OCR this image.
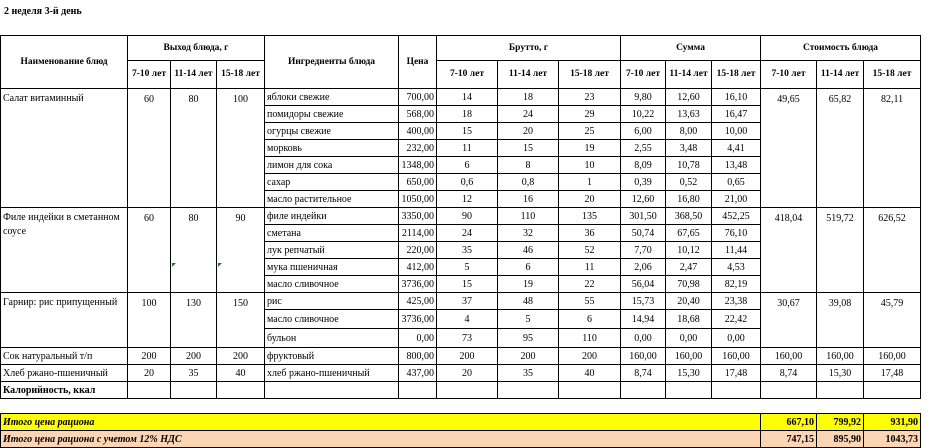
2 неделя 3-й день
Наименование блюд	Выход блюда, г			Ингредиенты блюда	Цена	Брутто, г			Сумма			Стоимость блюда		
	7-10 лет	11-14 лет	15-18 лет			7-10 лет	11-14 лет	15-18 лет	7-10 лет	11-14 лет	15-18 лет	7-10 лет	11-14 лет	15-18 лет
Салат витаминный	60	80	100	яблоки свежие	700,00	14	18	23	9,80	12,60	16,10	49,65	65,82	82,11
				помидоры свежие	568,00	18	24	29	10,22	13,63	16,47			
				огурцы свежие	400,00	15	20	25	6,00	8,00	10,00			
				морковь	232,00	11	15	19	2,55	3,48	4,41			
				лимон для сока	1348,00	6	8	10	8,09	10,78	13,48			
				сахар	650,00	0,6	0,8	1	0,39	0,52	0,65			
				масло растительное	1050,00	12	16	20	12,60	16,80	21,00			
Филе индейки в сметанном соусе	60	80	90	филе индейки	3350,00	90	110	135	301,50	368,50	452,25	418,04	519,72	626,52
				сметана	2114,00	24	32	36	50,74	67,65	76,10			
				лук репчатый	220,00	35	46	52	7,70	10,12	11,44			
				мука пшеничная	412,00	5	6	11	2,06	2,47	4,53			
				масло сливочное	3736,00	15	19	22	56,04	70,98	82,19			
Гарнир: рис припущенный	100	130	150	рис	425,00	37	48	55	15,73	20,40	23,38	30,67	39,08	45,79
				масло сливочное	3736,00	4	5	6	14,94	18,68	22,42			
				бульон	0,00	73	95	110	0,00	0,00	0,00			
Сок натуральный т/п	200	200	200	фруктовый	800,00	200	200	200	160,00	160,00	160,00	160,00	160,00	160,00
Хлеб ржано-пшеничный	20	35	40	хлеб ржано-пшеничный	437,00	20	35	40	8,74	15,30	17,48	8,74	15,30	17,48
Калорийность, ккал														

Итого цена рациона												667,10	799,92	931,90
Итого цена рациона с учетом 12% НДС												747,15	895,90	1043,73
